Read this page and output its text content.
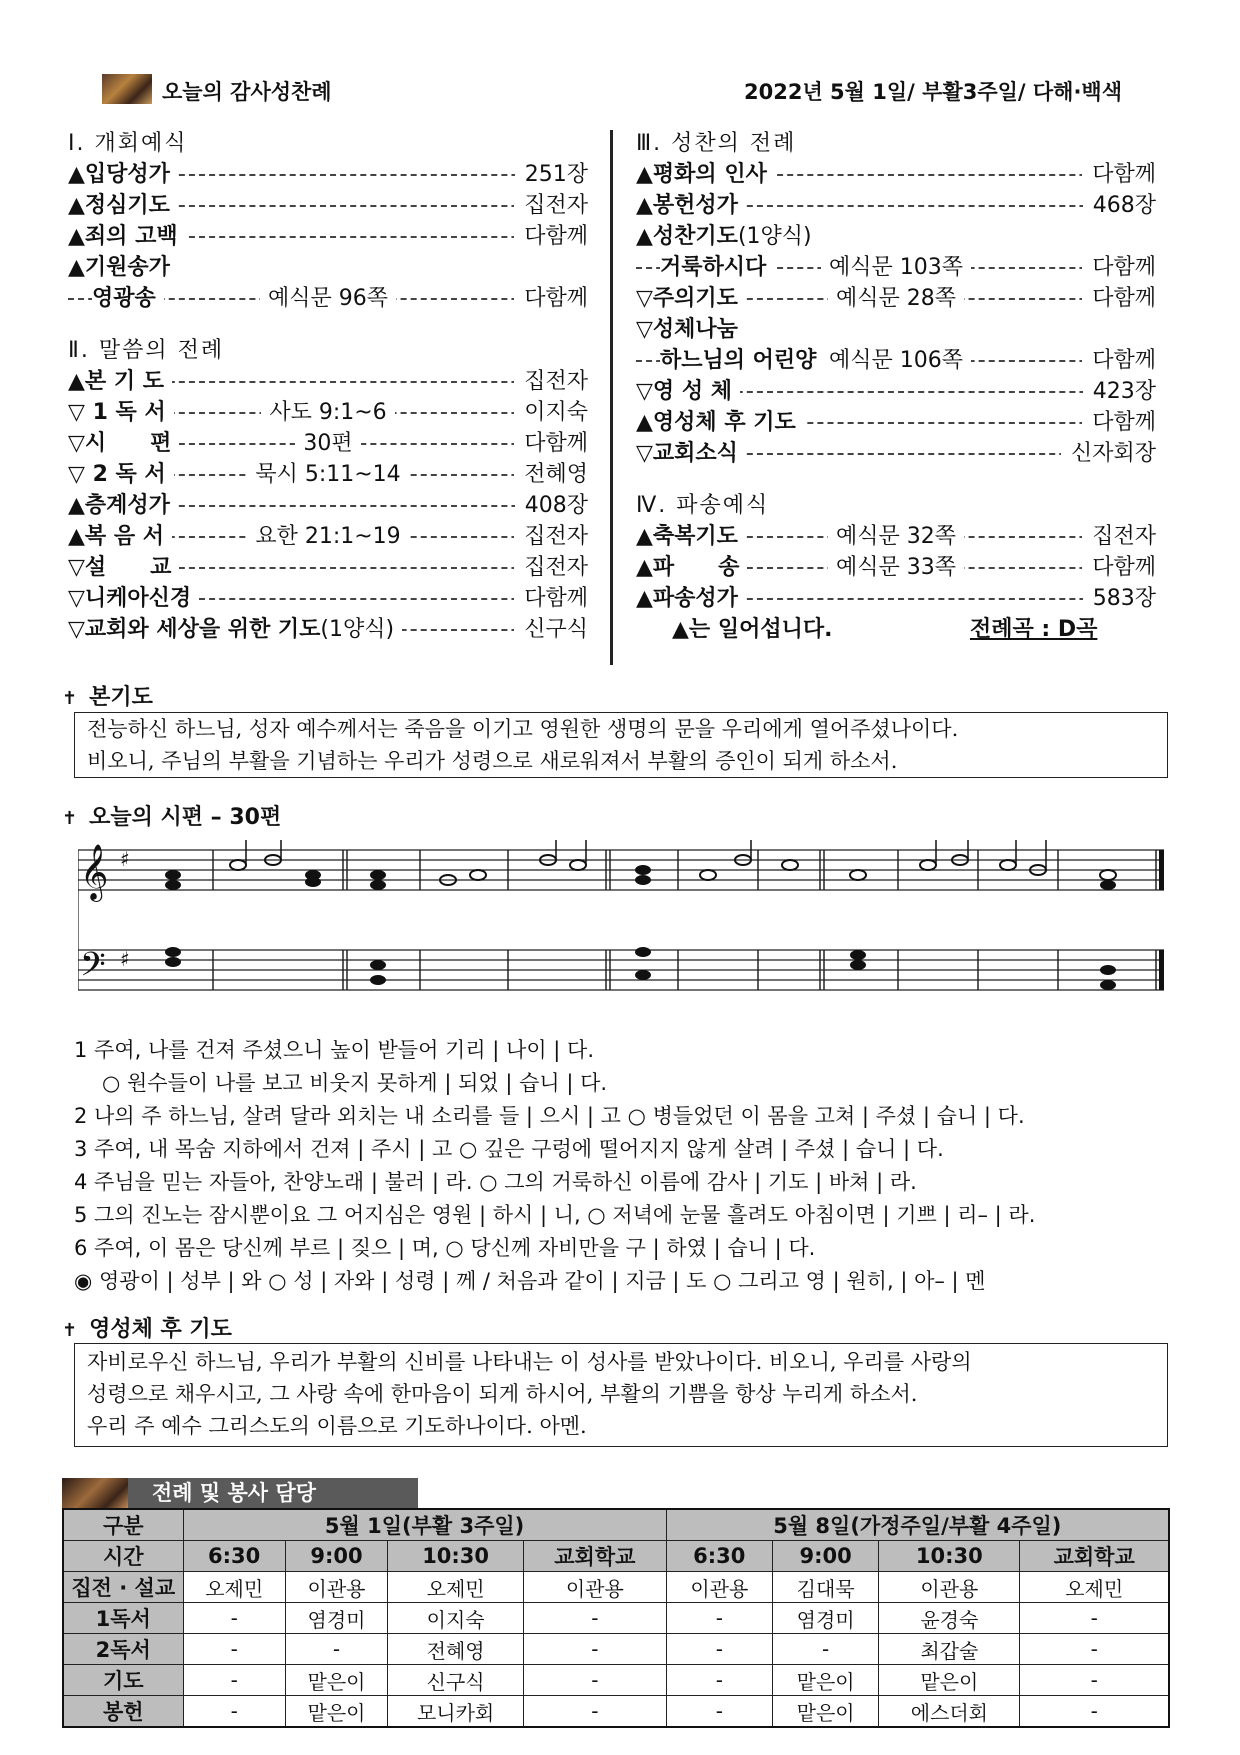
오늘의 감사성찬례	2022년 5월 1일/ 부활3주일/ 다해·백색
Ⅰ. 개회예식
▲입당성가	251장
▲정심기도	집전자
▲죄의 고백	다함께
▲기원송가
영광송	예식문 96쪽	다함께
Ⅱ. 말씀의 전례
▲본 기 도	집전자
▽ 1 독 서	사도 9:1~6	이지숙
▽시　　편	30편	다함께
▽ 2 독 서	묵시 5:11~14	전혜영
▲층계성가	408장
▲복 음 서	요한 21:1~19	집전자
▽설　　교	집전자
▽니케아신경	다함께
▽교회와 세상을 위한 기도(1양식)	신구식
Ⅲ. 성찬의 전례
▲평화의 인사	다함께
▲봉헌성가	468장
▲성찬기도(1양식)
거룩하시다	예식문 103쪽	다함께
▽주의기도	예식문 28쪽	다함께
▽성체나눔
하느님의 어린양 예식문 106쪽	다함께
▽영 성 체	423장
▲영성체 후 기도	다함께
▽교회소식	신자회장
Ⅳ. 파송예식
▲축복기도	예식문 32쪽	집전자
▲파　　송	예식문 33쪽	다함께
▲파송성가	583장
▲는 일어섭니다.	전례곡 : D곡
✝ 본기도

전능하신 하느님, 성자 예수께서는 죽음을 이기고 영원한 생명의 문을 우리에게 열어주셨나이다.

비오니, 주님의 부활을 기념하는 우리가 성령으로 새로워져서 부활의 증인이 되게 하소서.

✝ 오늘의 시편 – 30편
𝄞
𝄢
♯
♯
1 주여, 나를 건져 주셨으니 높이 받들어 기리 | 나이 | 다.
○ 원수들이 나를 보고 비웃지 못하게 | 되었 | 습니 | 다.
2 나의 주 하느님, 살려 달라 외치는 내 소리를 들 | 으시 | 고 ○ 병들었던 이 몸을 고쳐 | 주셨 | 습니 | 다.
3 주여, 내 목숨 지하에서 건져 | 주시 | 고 ○ 깊은 구렁에 떨어지지 않게 살려 | 주셨 | 습니 | 다.
4 주님을 믿는 자들아, 찬양노래 | 불러 | 라. ○ 그의 거룩하신 이름에 감사 | 기도 | 바쳐 | 라.
5 그의 진노는 잠시뿐이요 그 어지심은 영원 | 하시 | 니, ○ 저녁에 눈물 흘려도 아침이면 | 기쁘 | 리– | 라.
6 주여, 이 몸은 당신께 부르 | 짖으 | 며, ○ 당신께 자비만을 구 | 하였 | 습니 | 다.
◉ 영광이 | 성부 | 와 ○ 성 | 자와 | 성령 | 께 / 처음과 같이 | 지금 | 도 ○ 그리고 영 | 원히, | 아– | 멘
✝ 영성체 후 기도

자비로우신 하느님, 우리가 부활의 신비를 나타내는 이 성사를 받았나이다. 비오니, 우리를 사랑의

성령으로 채우시고, 그 사랑 속에 한마음이 되게 하시어, 부활의 기쁨을 항상 누리게 하소서.

우리 주 예수 그리스도의 이름으로 기도하나이다. 아멘.

전례 및 봉사 담당
구분	5월 1일(부활 3주일)				5월 8일(가정주일/부활 4주일)			
시간	6:30	9:00	10:30	교회학교	6:30	9:00	10:30	교회학교
집전 · 설교	오제민	이관용	오제민	이관용	이관용	김대묵	이관용	오제민
1독서	-	염경미	이지숙	-	-	염경미	윤경숙	-
2독서	-	-	전혜영	-	-	-	최갑술	-
기도	-	맡은이	신구식	-	-	맡은이	맡은이	-
봉헌	-	맡은이	모니카회	-	-	맡은이	에스더회	-
